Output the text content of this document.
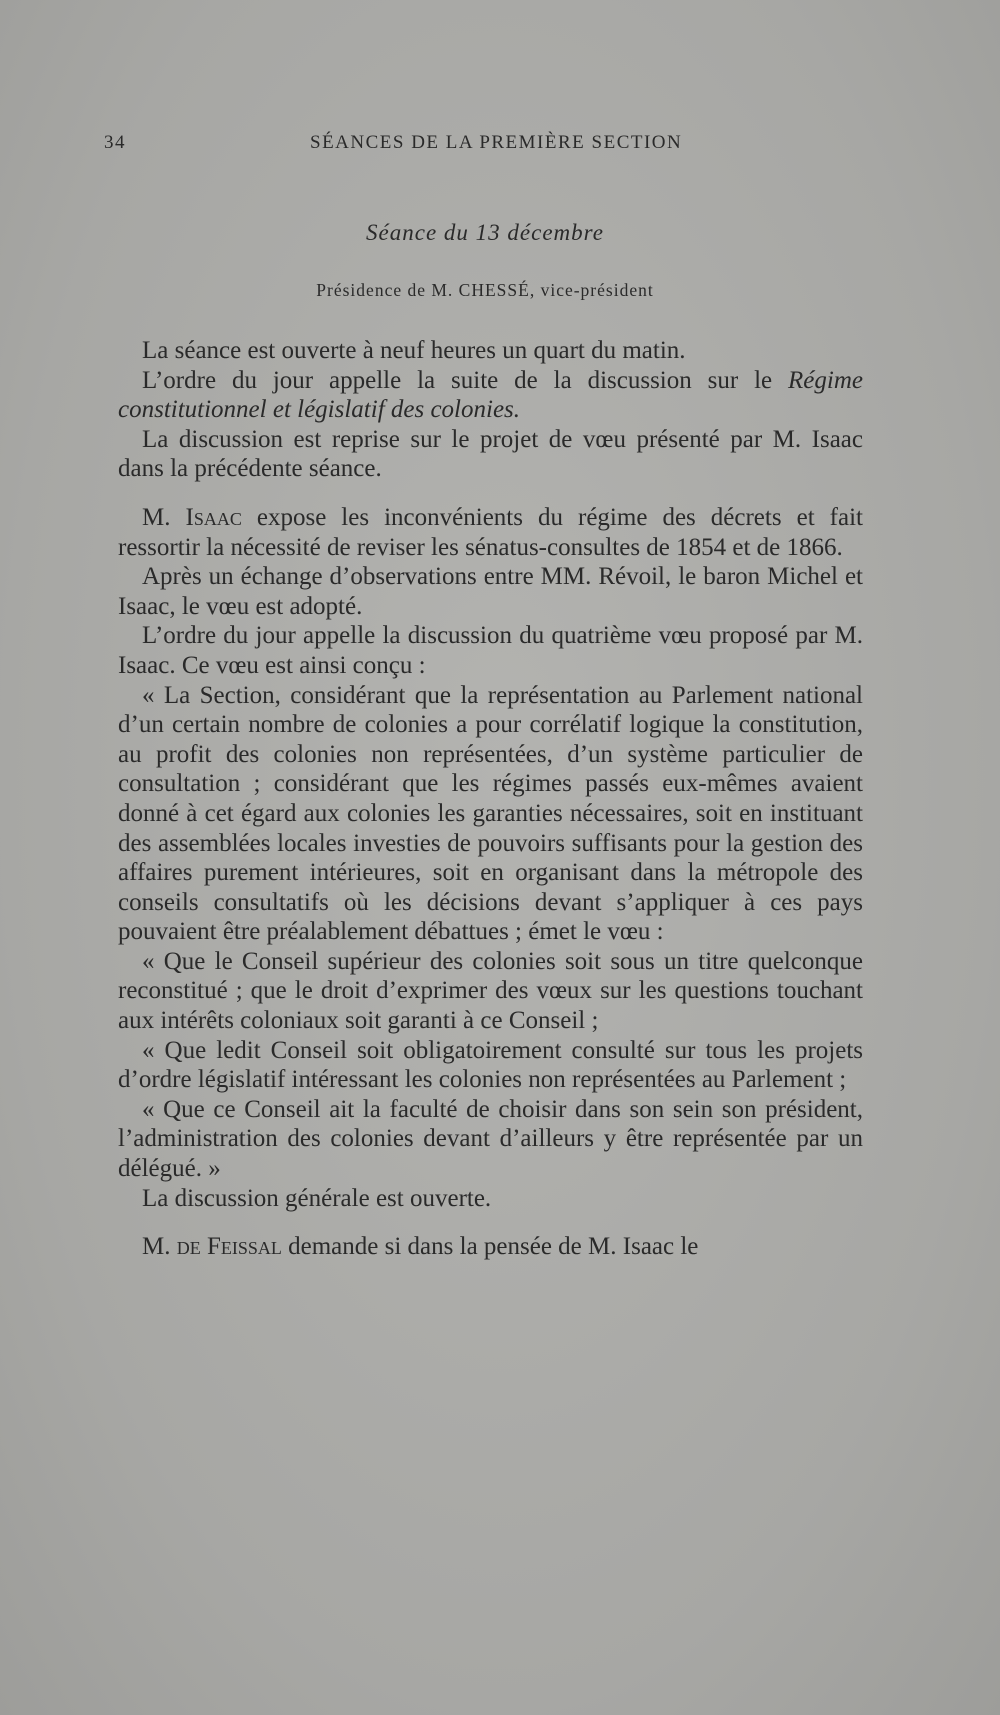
34	SÉANCES DE LA PREMIÈRE SECTION
Séance du 13 décembre
Présidence de M. CHESSÉ, vice-président

La séance est ouverte à neuf heures un quart du matin.

L’ordre du jour appelle la suite de la discussion sur le Régime constitutionnel et législatif des colonies.

La discussion est reprise sur le projet de vœu présenté par M. Isaac dans la précédente séance.

M. Isaac expose les inconvénients du régime des décrets et fait ressortir la nécessité de reviser les sénatus-consultes de 1854 et de 1866.

Après un échange d’observations entre MM. Révoil, le baron Michel et Isaac, le vœu est adopté.

L’ordre du jour appelle la discussion du quatrième vœu proposé par M. Isaac. Ce vœu est ainsi conçu :

« La Section, considérant que la représentation au Parlement national d’un certain nombre de colonies a pour corrélatif logique la constitution, au profit des colonies non représentées, d’un système particulier de consultation ; considérant que les régimes passés eux-mêmes avaient donné à cet égard aux colonies les garanties nécessaires, soit en instituant des assemblées locales investies de pouvoirs suffisants pour la gestion des affaires purement intérieures, soit en organisant dans la métropole des conseils consultatifs où les décisions devant s’appliquer à ces pays pouvaient être préalablement débattues ; émet le vœu :

« Que le Conseil supérieur des colonies soit sous un titre quelconque reconstitué ; que le droit d’exprimer des vœux sur les questions touchant aux intérêts coloniaux soit garanti à ce Conseil ;

« Que ledit Conseil soit obligatoirement consulté sur tous les projets d’ordre législatif intéressant les colonies non représentées au Parlement ;

« Que ce Conseil ait la faculté de choisir dans son sein son président, l’administration des colonies devant d’ailleurs y être représentée par un délégué. »

La discussion générale est ouverte.

M. de Feissal demande si dans la pensée de M. Isaac le
